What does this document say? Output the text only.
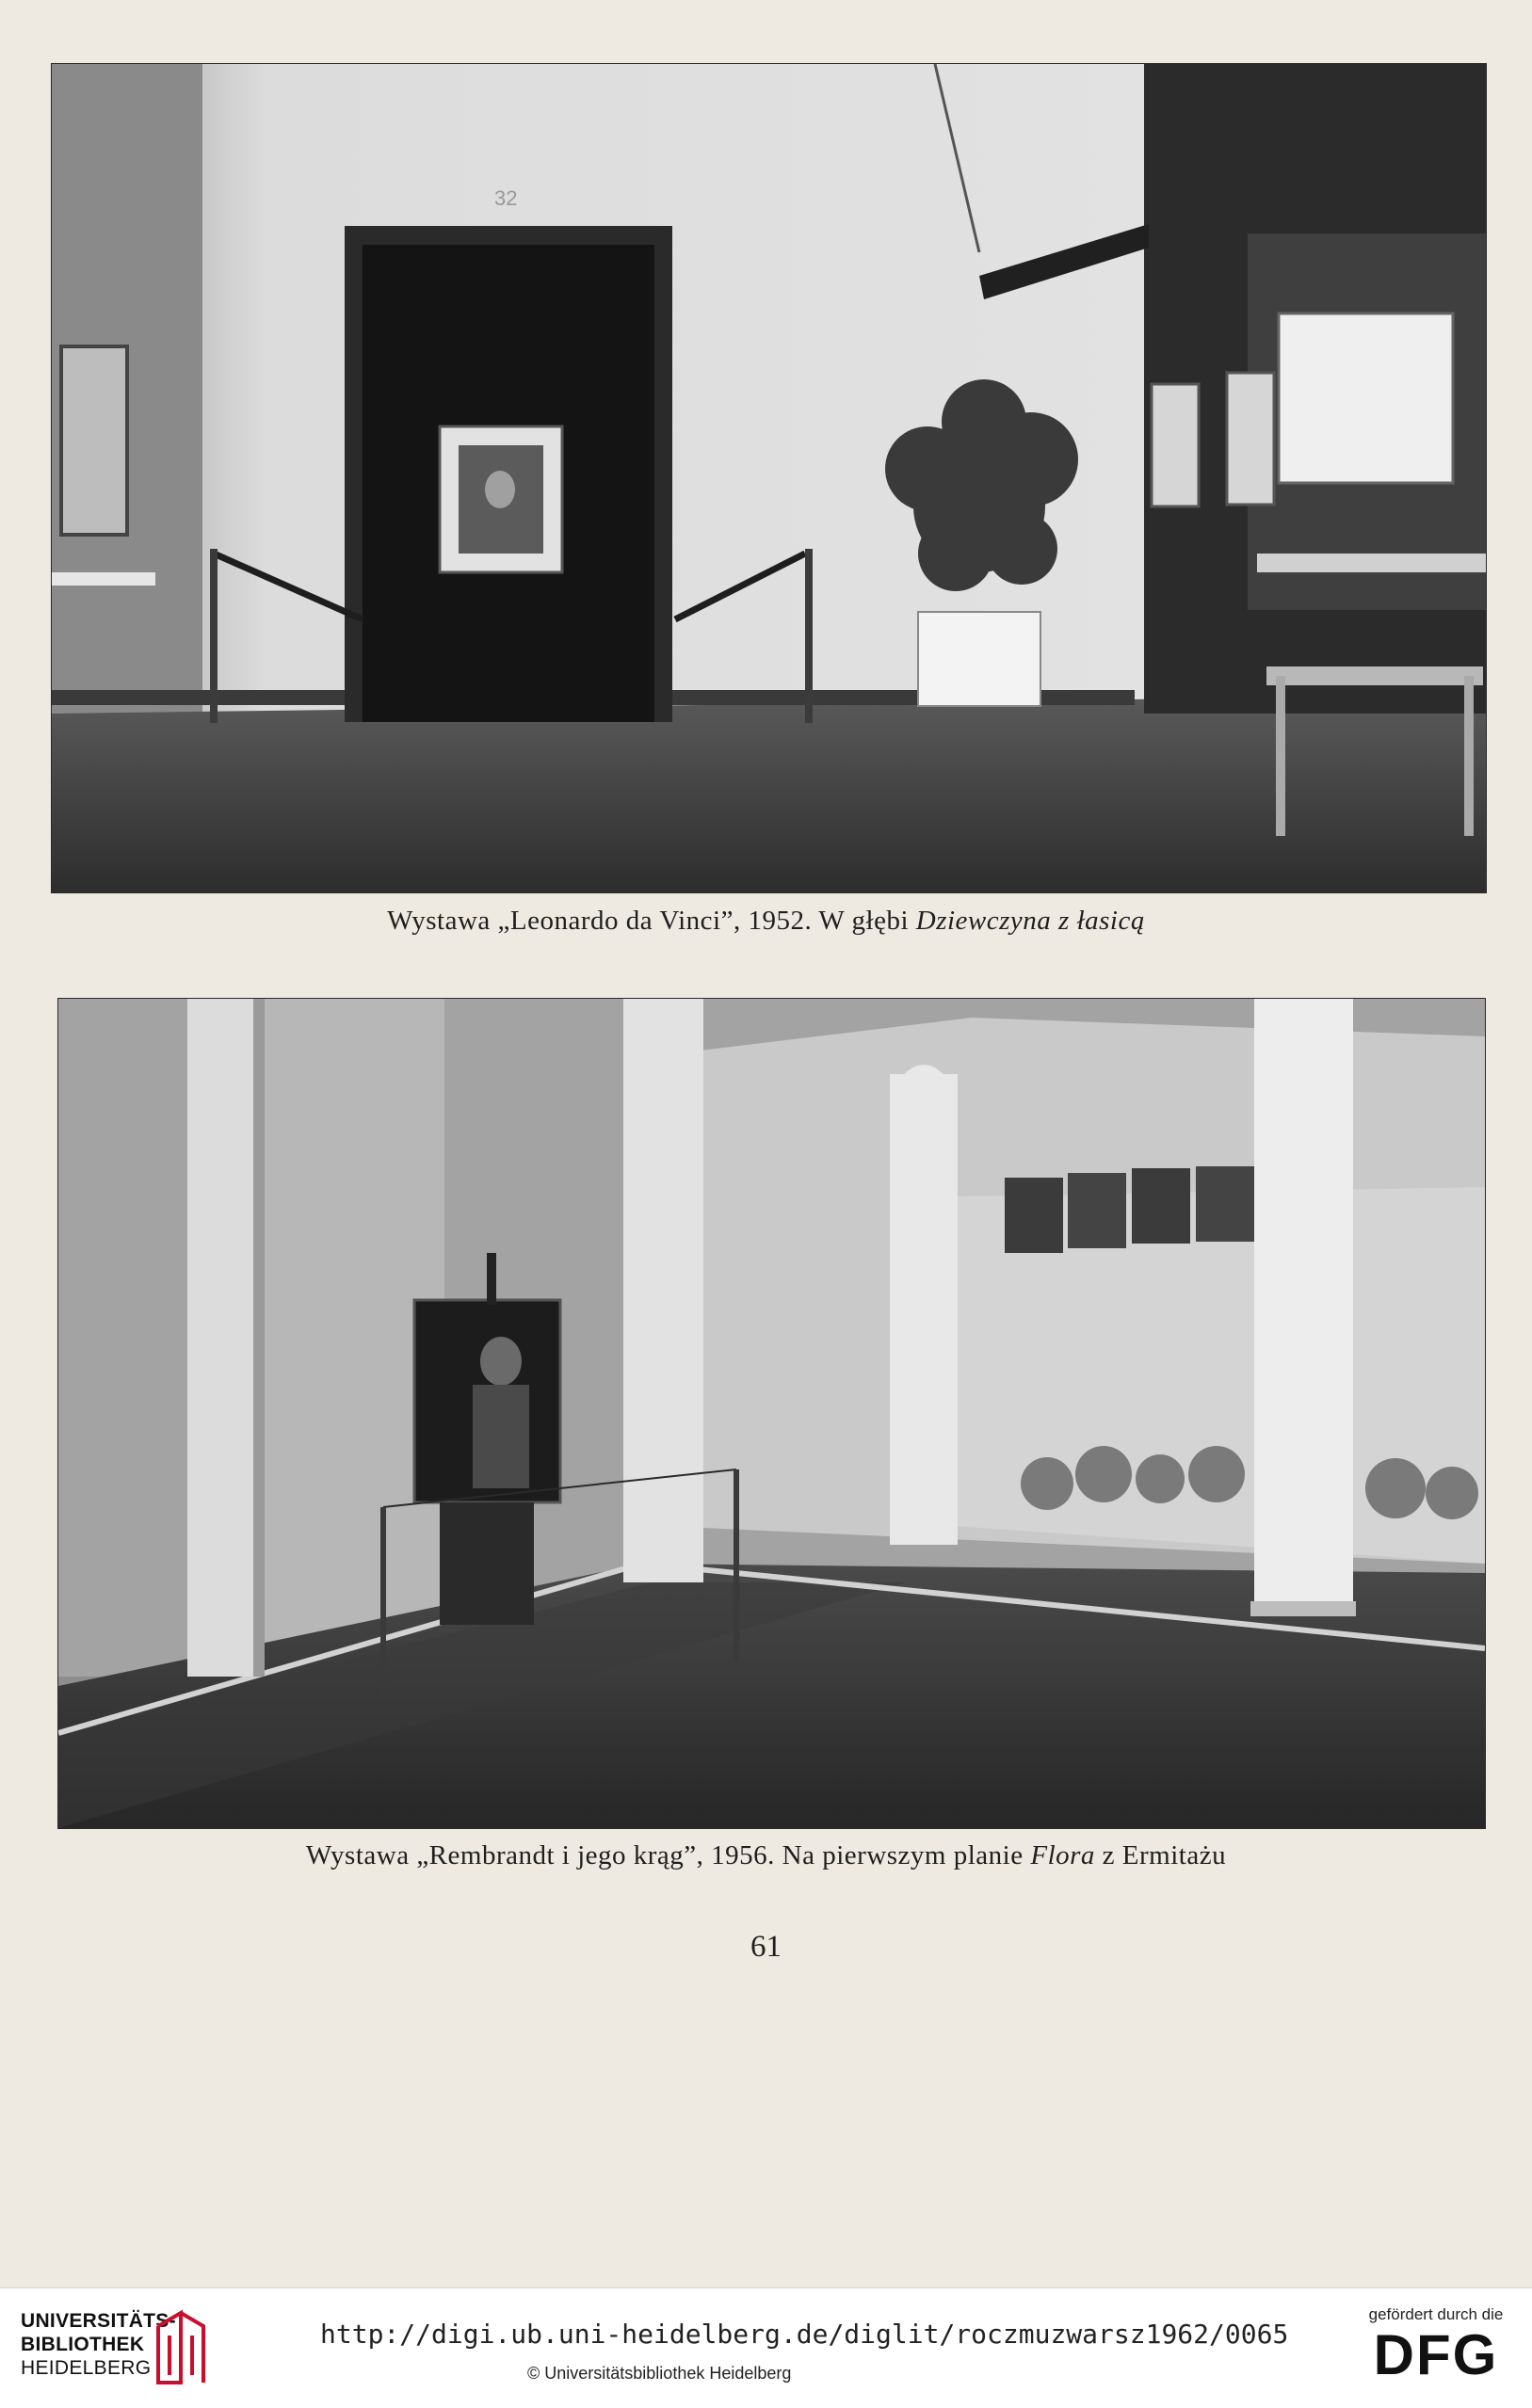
32
Wystawa „Leonardo da Vinci”, 1952. W głębi Dziewczyna z łasicą
Wystawa „Rembrandt i jego krąg”, 1956. Na pierwszym planie Flora z Ermitażu
61
UNIVERSITÄTS-
BIBLIOTHEK
HEIDELBERG
http://digi.ub.uni-heidelberg.de/diglit/roczmuzwarsz1962/0065
© Universitätsbibliothek Heidelberg
gefördert durch die
DFG
